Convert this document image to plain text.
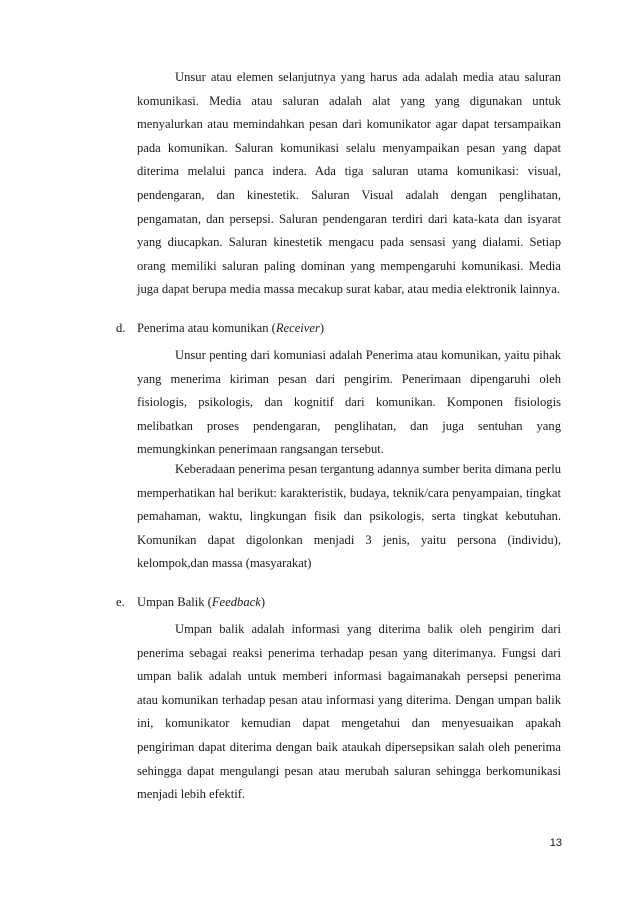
Unsur atau elemen selanjutnya yang harus ada adalah media atau saluran komunikasi. Media atau saluran adalah alat yang yang digunakan untuk menyalurkan atau memindahkan pesan dari komunikator agar dapat tersampaikan pada komunikan. Saluran komunikasi selalu menyampaikan pesan yang dapat diterima melalui panca indera. Ada tiga saluran utama komunikasi: visual, pendengaran, dan kinestetik. Saluran Visual adalah dengan penglihatan, pengamatan, dan persepsi. Saluran pendengaran terdiri dari kata-kata dan isyarat yang diucapkan. Saluran kinestetik mengacu pada sensasi yang dialami. Setiap orang memiliki saluran paling dominan yang mempengaruhi komunikasi. Media juga dapat berupa media massa mecakup surat kabar, atau media elektronik lainnya.

d. Penerima atau komunikan (Receiver)

Unsur penting dari komuniasi adalah Penerima atau komunikan, yaitu pihak yang menerima kiriman pesan dari pengirim. Penerimaan dipengaruhi oleh fisiologis, psikologis, dan kognitif dari komunikan. Komponen fisiologis melibatkan proses pendengaran, penglihatan, dan juga sentuhan yang memungkinkan penerimaan rangsangan tersebut.

Keberadaan penerima pesan tergantung adannya sumber berita dimana perlu memperhatikan hal berikut: karakteristik, budaya, teknik/cara penyampaian, tingkat pemahaman, waktu, lingkungan fisik dan psikologis, serta tingkat kebutuhan. Komunikan dapat digolonkan menjadi 3 jenis, yaitu persona (individu), kelompok,dan massa (masyarakat)

e. Umpan Balik (Feedback)

Umpan balik adalah informasi yang diterima balik oleh pengirim dari penerima sebagai reaksi penerima terhadap pesan yang diterimanya. Fungsi dari umpan balik adalah untuk memberi informasi bagaimanakah persepsi penerima atau komunikan terhadap pesan atau informasi yang diterima. Dengan umpan balik ini, komunikator kemudian dapat mengetahui dan menyesuaikan apakah pengiriman dapat diterima dengan baik ataukah dipersepsikan salah oleh penerima sehingga dapat mengulangi pesan atau merubah saluran sehingga berkomunikasi menjadi lebih efektif.

13
